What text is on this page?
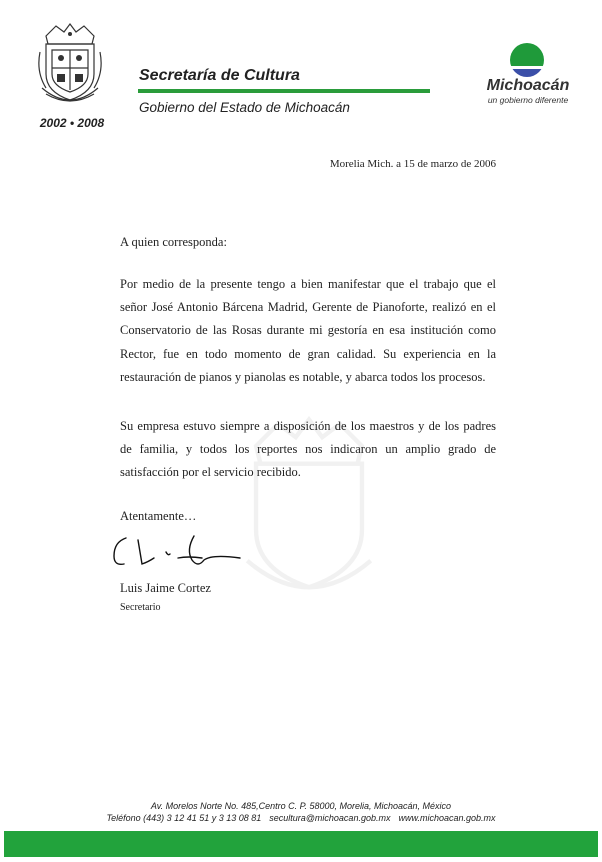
2002 • 2008
Secretaría de Cultura
Gobierno del Estado de Michoacán
Michoacán
un gobierno diferente
Morelia Mich. a 15 de marzo de 2006
A quien corresponda:
Por medio de la presente tengo a bien manifestar que el trabajo que el señor José Antonio Bárcena Madrid, Gerente de Pianoforte, realizó en el Conservatorio de las Rosas durante mi gestoría en esa institución como Rector, fue en todo momento de gran calidad. Su experiencia en la restauración de pianos y pianolas es notable, y abarca todos los procesos.
Su empresa estuvo siempre a disposición de los maestros y de los padres de familia, y todos los reportes nos indicaron un amplio grado de satisfacción por el servicio recibido.
Atentamente…
Luis Jaime Cortez
Secretario
Av. Morelos Norte No. 485,Centro C. P. 58000, Morelia, Michoacán, México
Teléfono (443) 3 12 41 51 y 3 13 08 81 secultura@michoacan.gob.mx www.michoacan.gob.mx
